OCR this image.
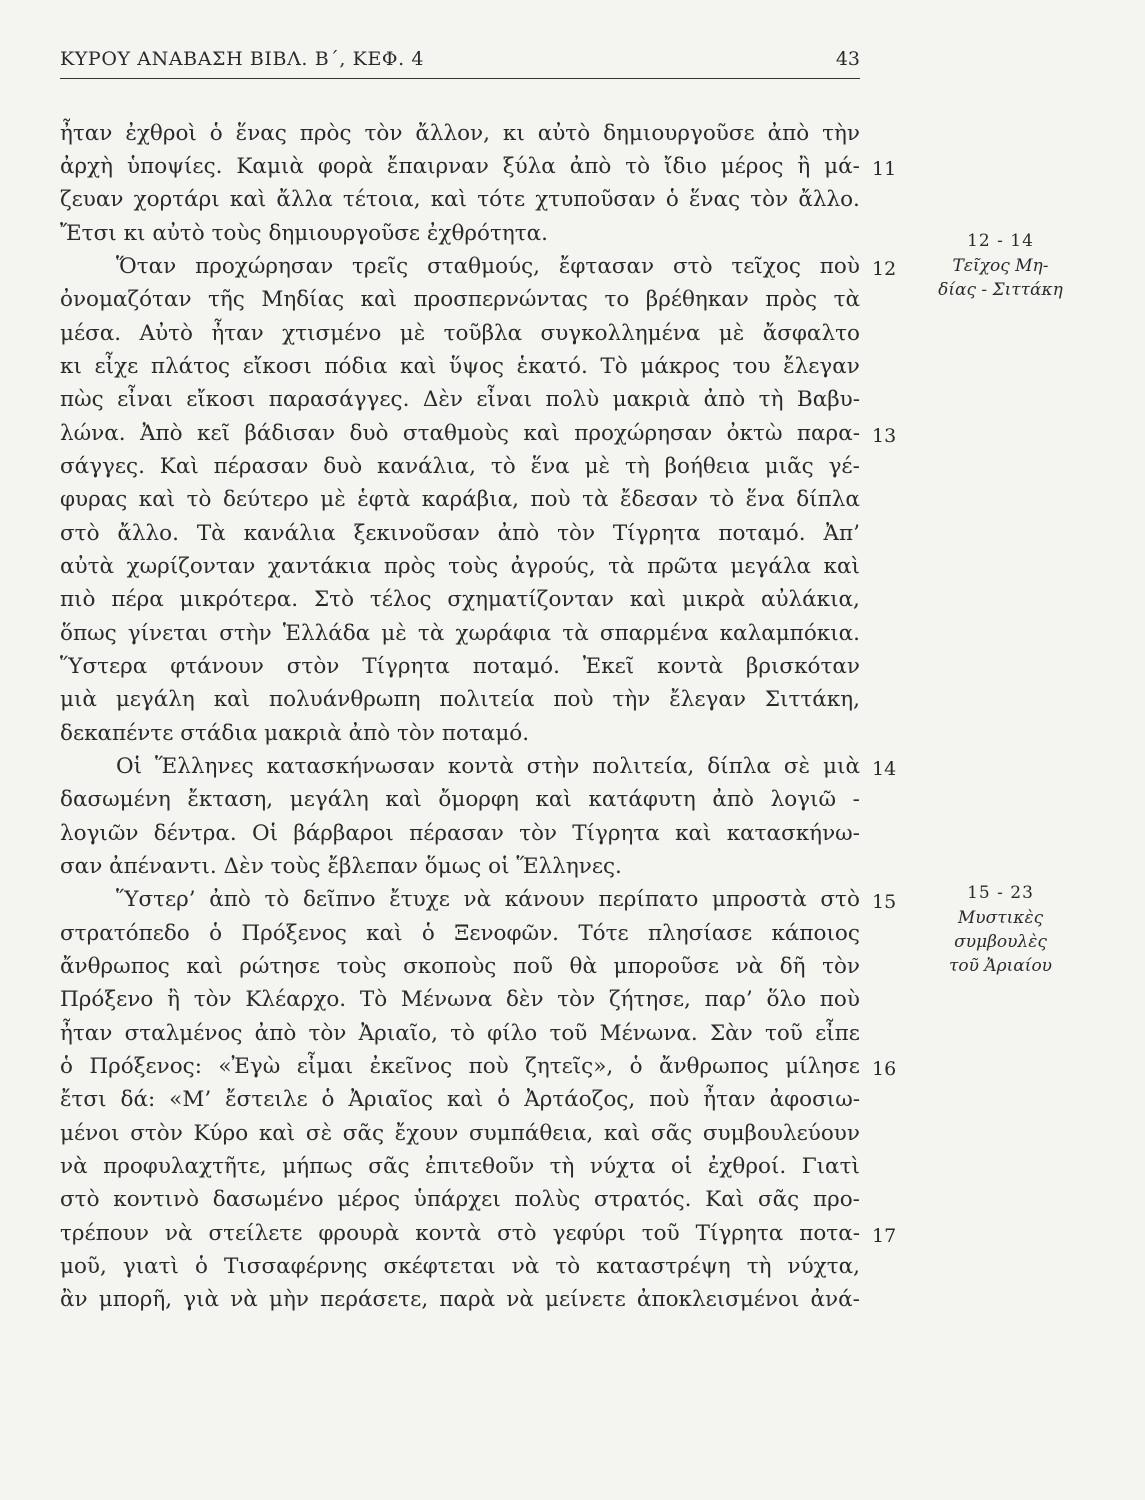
ΚΥΡΟΥ ΑΝΑΒΑΣΗ ΒΙΒΛ. Β΄, ΚΕΦ. 4	43
ἦταν ἐχθροὶ ὁ ἕνας πρὸς τὸν ἄλλον, κι αὐτὸ δημιουργοῦσε ἀπὸ τὴν
ἀρχὴ ὑποψίες. Καμιὰ φορὰ ἔπαιρναν ξύλα ἀπὸ τὸ ἴδιο μέρος ἢ μά-
ζευαν χορτάρι καὶ ἄλλα τέτοια, καὶ τότε χτυποῦσαν ὁ ἕνας τὸν ἄλλο.
Ἔτσι κι αὐτὸ τοὺς δημιουργοῦσε ἐχθρότητα.
Ὅταν προχώρησαν τρεῖς σταθμούς, ἔφτασαν στὸ τεῖχος ποὺ
ὀνομαζόταν τῆς Μηδίας καὶ προσπερνώντας το βρέθηκαν πρὸς τὰ
μέσα. Αὐτὸ ἦταν χτισμένο μὲ τοῦβλα συγκολλημένα μὲ ἄσφαλτο
κι εἶχε πλάτος εἴκοσι πόδια καὶ ὕψος ἑκατό. Τὸ μάκρος του ἔλεγαν
πὼς εἶναι εἴκοσι παρασάγγες. Δὲν εἶναι πολὺ μακριὰ ἀπὸ τὴ Βαβυ-
λώνα. Ἀπὸ κεῖ βάδισαν δυὸ σταθμοὺς καὶ προχώρησαν ὀκτὼ παρα-
σάγγες. Καὶ πέρασαν δυὸ κανάλια, τὸ ἕνα μὲ τὴ βοήθεια μιᾶς γέ-
φυρας καὶ τὸ δεύτερο μὲ ἑφτὰ καράβια, ποὺ τὰ ἔδεσαν τὸ ἕνα δίπλα
στὸ ἄλλο. Τὰ κανάλια ξεκινοῦσαν ἀπὸ τὸν Τίγρητα ποταμό. Ἀπ’
αὐτὰ χωρίζονταν χαντάκια πρὸς τοὺς ἀγρούς, τὰ πρῶτα μεγάλα καὶ
πιὸ πέρα μικρότερα. Στὸ τέλος σχηματίζονταν καὶ μικρὰ αὐλάκια,
ὅπως γίνεται στὴν Ἑλλάδα μὲ τὰ χωράφια τὰ σπαρμένα καλαμπόκια.
Ὕστερα φτάνουν στὸν Τίγρητα ποταμό. Ἐκεῖ κοντὰ βρισκόταν
μιὰ μεγάλη καὶ πολυάνθρωπη πολιτεία ποὺ τὴν ἔλεγαν Σιττάκη,
δεκαπέντε στάδια μακριὰ ἀπὸ τὸν ποταμό.
Οἱ Ἕλληνες κατασκήνωσαν κοντὰ στὴν πολιτεία, δίπλα σὲ μιὰ
δασωμένη ἔκταση, μεγάλη καὶ ὄμορφη καὶ κατάφυτη ἀπὸ λογιῶ -
λογιῶν δέντρα. Οἱ βάρβαροι πέρασαν τὸν Τίγρητα καὶ κατασκήνω-
σαν ἀπέναντι. Δὲν τοὺς ἔβλεπαν ὅμως οἱ Ἕλληνες.
Ὕστερ’ ἀπὸ τὸ δεῖπνο ἔτυχε νὰ κάνουν περίπατο μπροστὰ στὸ
στρατόπεδο ὁ Πρόξενος καὶ ὁ Ξενοφῶν. Τότε πλησίασε κάποιος
ἄνθρωπος καὶ ρώτησε τοὺς σκοποὺς ποῦ θὰ μποροῦσε νὰ δῆ τὸν
Πρόξενο ἢ τὸν Κλέαρχο. Τὸ Μένωνα δὲν τὸν ζήτησε, παρ’ ὅλο ποὺ
ἦταν σταλμένος ἀπὸ τὸν Ἀριαῖο, τὸ φίλο τοῦ Μένωνα. Σὰν τοῦ εἶπε
ὁ Πρόξενος: «Ἐγὼ εἶμαι ἐκεῖνος ποὺ ζητεῖς», ὁ ἄνθρωπος μίλησε
ἔτσι δά: «Μ’ ἔστειλε ὁ Ἀριαῖος καὶ ὁ Ἀρτάοζος, ποὺ ἦταν ἀφοσιω-
μένοι στὸν Κύρο καὶ σὲ σᾶς ἔχουν συμπάθεια, καὶ σᾶς συμβουλεύουν
νὰ προφυλαχτῆτε, μήπως σᾶς ἐπιτεθοῦν τὴ νύχτα οἱ ἐχθροί. Γιατὶ
στὸ κοντινὸ δασωμένο μέρος ὑπάρχει πολὺς στρατός. Καὶ σᾶς προ-
τρέπουν νὰ στείλετε φρουρὰ κοντὰ στὸ γεφύρι τοῦ Τίγρητα ποτα-
μοῦ, γιατὶ ὁ Τισσαφέρνης σκέφτεται νὰ τὸ καταστρέψη τὴ νύχτα,
ἂν μπορῆ, γιὰ νὰ μὴν περάσετε, παρὰ νὰ μείνετε ἀποκλεισμένοι ἀνά-
11
12
13
14
15
16
17
12 - 14
Τεῖχος Μη-
δίας - Σιττάκη
15 - 23
Μυστικὲς
συμβουλὲς
τοῦ Ἀριαίου
